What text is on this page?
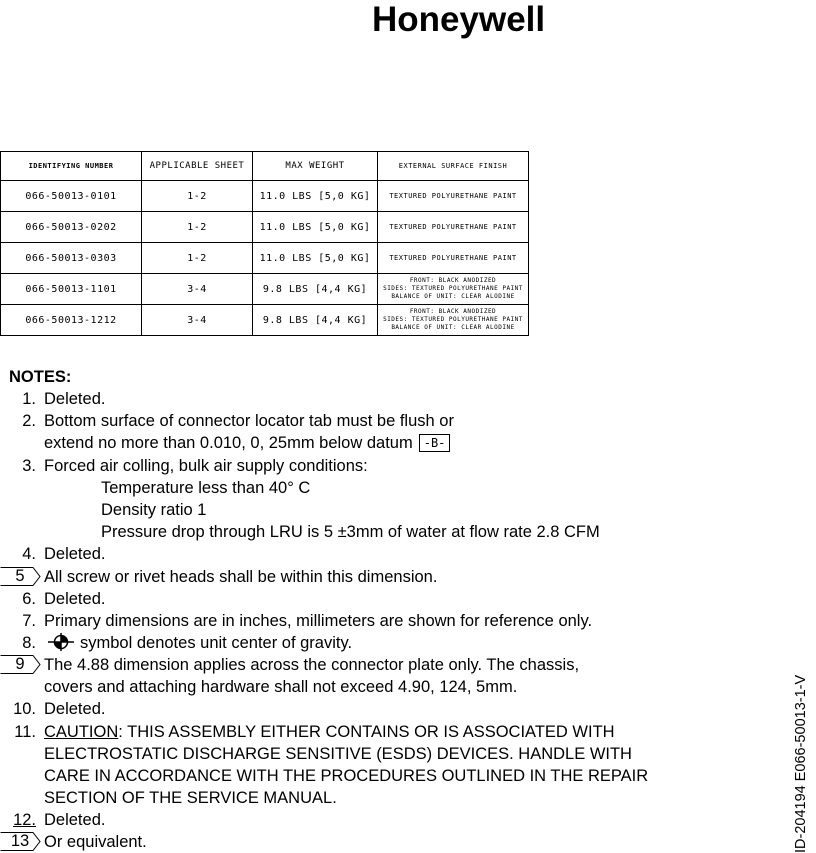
Honeywell
IDENTIFYING NUMBER	APPLICABLE SHEET	MAX WEIGHT	EXTERNAL SURFACE FINISH
066-50013-0101	1-2	11.0 LBS [5,0 KG]	TEXTURED POLYURETHANE PAINT

066-50013-0202	1-2	11.0 LBS [5,0 KG]	TEXTURED POLYURETHANE PAINT

066-50013-0303	1-2	11.0 LBS [5,0 KG]	TEXTURED POLYURETHANE PAINT

066-50013-1101	3-4	9.8 LBS [4,4 KG]	FRONT: BLACK ANODIZED
SIDES: TEXTURED POLYURETHANE PAINT
BALANCE OF UNIT: CLEAR ALODINE

066-50013-1212	3-4	9.8 LBS [4,4 KG]	FRONT: BLACK ANODIZED
SIDES: TEXTURED POLYURETHANE PAINT
BALANCE OF UNIT: CLEAR ALODINE
NOTES:
1. Deleted.
2. Bottom surface of connector locator tab must be flush or
extend no more than 0.010, 0, 25mm below datum -B-
3. Forced air colling, bulk air supply conditions:
Temperature less than 40° C
Density ratio 1
Pressure drop through LRU is 5 ±3mm of water at flow rate 2.8 CFM
4. Deleted.
5	All screw or rivet heads shall be within this dimension.
6. Deleted.
7. Primary dimensions are in inches, millimeters are shown for reference only.
8.	symbol denotes unit center of gravity.
9	The 4.88 dimension applies across the connector plate only. The chassis,
covers and attaching hardware shall not exceed 4.90, 124, 5mm.
10. Deleted.
11. CAUTION: THIS ASSEMBLY EITHER CONTAINS OR IS ASSOCIATED WITH
ELECTROSTATIC DISCHARGE SENSITIVE (ESDS) DEVICES. HANDLE WITH
CARE IN ACCORDANCE WITH THE PROCEDURES OUTLINED IN THE REPAIR
SECTION OF THE SERVICE MANUAL.
12. Deleted.
13 Or equivalent.	ID-204194 E066-50013-1-V
